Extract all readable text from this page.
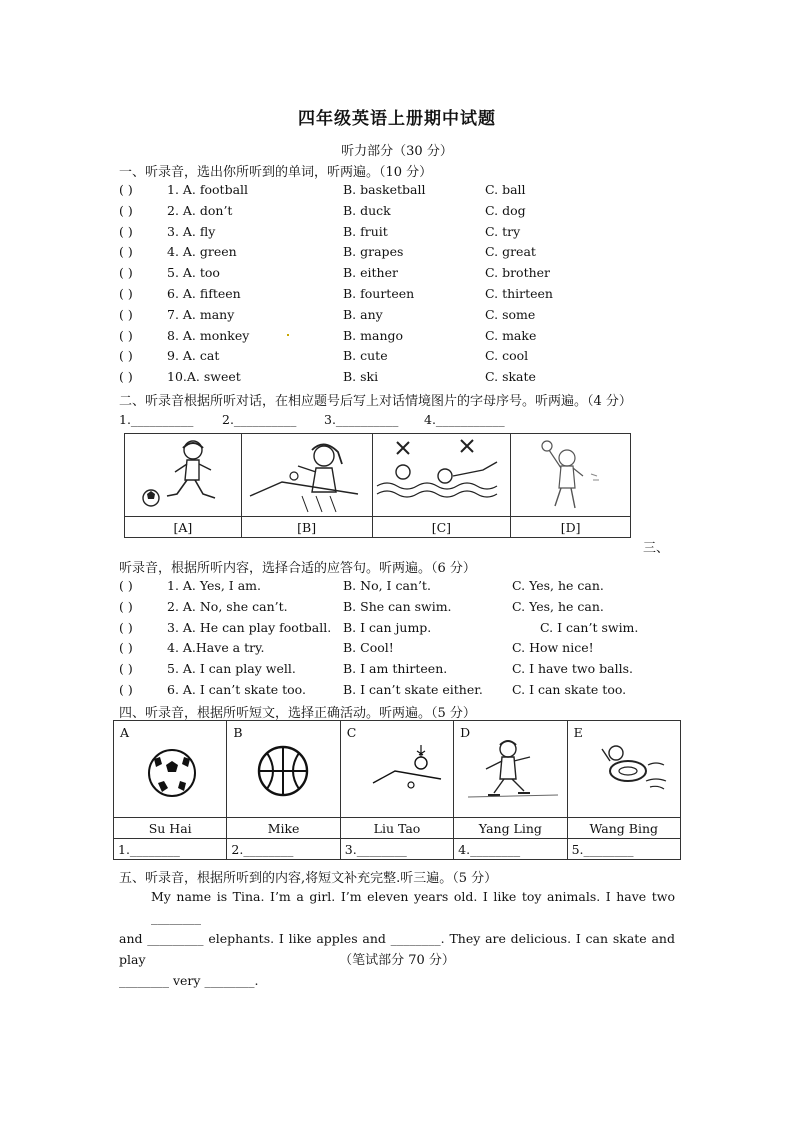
四年级英语上册期中试题
听力部分（30 分）
一、听录音，选出你所听到的单词，听两遍。（10 分）
( )	1. A. football	B. basketball	C. ball
( )	2. A. don’t	B. duck	C. dog
( )	3. A. fly	B. fruit	C. try
( )	4. A. green	B. grapes	C. great
( )	5. A. too	B. either	C. brother
( )	6. A. fifteen	B. fourteen	C. thirteen
( )	7. A. many	B. any	C. some
( )	8. A. monkey	B. mango	C. make
( )	9. A. cat	B. cute	C. cool
( )	10.A. sweet	B. ski	C. skate
二、听录音根据所听对话，在相应题号后写上对话情境图片的字母序号。听两遍。（4 分）
1.__________ 2.__________ 3.__________ 4.___________

[A]	[B]	[C]	[D]
三、
听录音，根据所听内容，选择合适的应答句。听两遍。（6 分）
( )	1. A. Yes, I am.	B. No, I can’t.	C. Yes, he can.
( )	2. A. No, she can’t.	B. She can swim.	C. Yes, he can.
( )	3. A. He can play football. B. I can jump.	C. I can’t swim.
( )	4. A.Have a try.	B. Cool!	C. How nice!
( )	5. A. I can play well.	B. I am thirteen.	C. I have two balls.
( )	6. A. I can’t skate too.	B. I can’t skate either. C. I can skate too.
四、听录音，根据所听短文，选择正确活动。听两遍。（5 分）
A	B	C	D	E

Su Hai	Mike	Liu Tao	Yang Ling	Wang Bing
1.________	2.________	3.________	4.________	5.________
五、听录音，根据所听到的内容,将短文补充完整.听三遍。（5 分）
My name is Tina. I’m a girl. I’m eleven years old. I like toy animals. I have two ________
and _________ elephants. I like apples and ________. They are delicious. I can skate and play
________ very ________.
（笔试部分 70 分）
